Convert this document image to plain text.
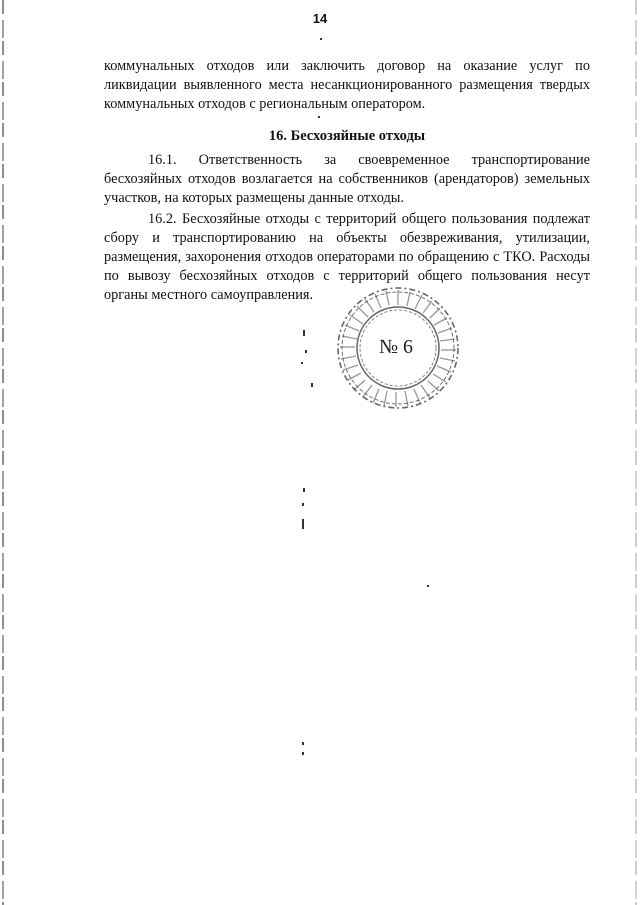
14
коммунальных отходов или заключить договор на оказание услуг по ликвидации выявленного места несанкционированного размещения твердых коммунальных отходов с региональным оператором.
16. Бесхозяйные отходы
16.1. Ответственность за своевременное транспортирование бесхозяйных отходов возлагается на собственников (арендаторов) земельных участков, на которых размещены данные отходы.
16.2. Бесхозяйные отходы с территорий общего пользования подлежат сбору и транспортированию на объекты обезвреживания, утилизации, размещения, захоронения отходов операторами по обращению с ТКО. Расходы по вывозу бесхозяйных отходов с территорий общего пользования несут органы местного самоуправления.
№ 6
